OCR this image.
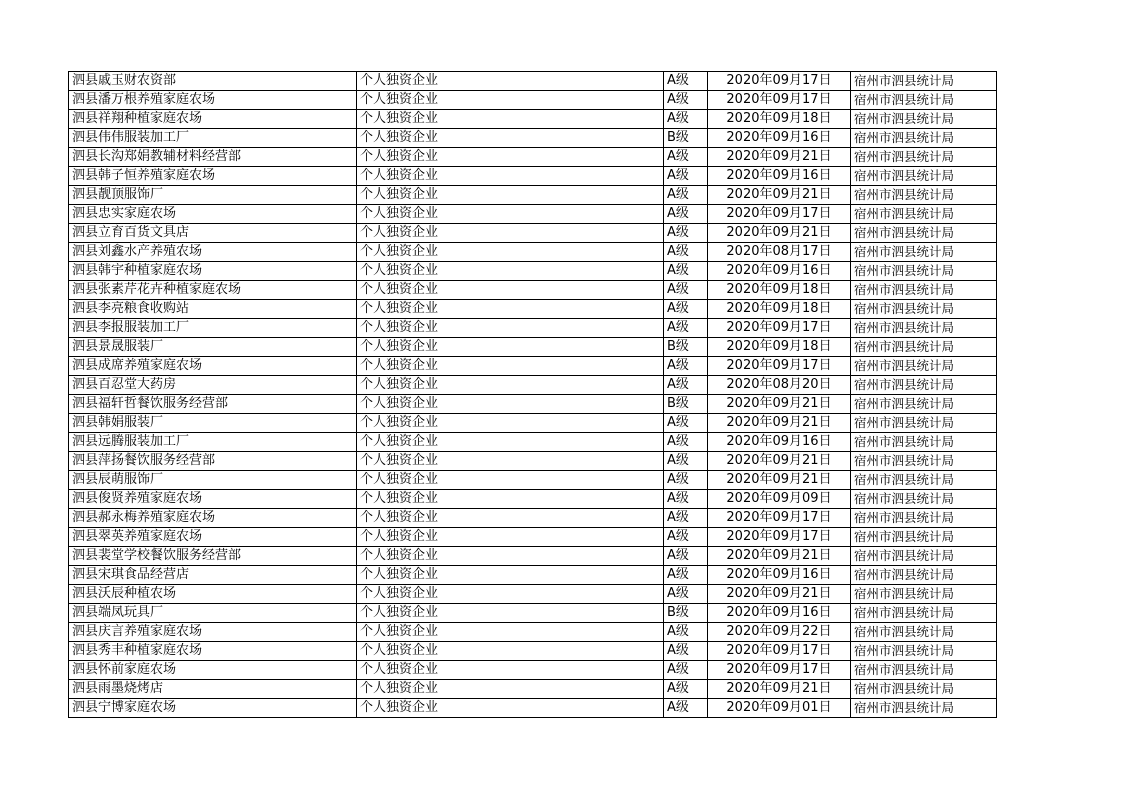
泗县戚玉财农资部	个人独资企业	A级	2020年09月17日	宿州市泗县统计局
泗县潘万根养殖家庭农场	个人独资企业	A级	2020年09月17日	宿州市泗县统计局
泗县祥翔种植家庭农场	个人独资企业	A级	2020年09月18日	宿州市泗县统计局
泗县伟伟服装加工厂	个人独资企业	B级	2020年09月16日	宿州市泗县统计局
泗县长沟郑娟教辅材料经营部	个人独资企业	A级	2020年09月21日	宿州市泗县统计局
泗县韩子恒养殖家庭农场	个人独资企业	A级	2020年09月16日	宿州市泗县统计局
泗县靓顶服饰厂	个人独资企业	A级	2020年09月21日	宿州市泗县统计局
泗县忠实家庭农场	个人独资企业	A级	2020年09月17日	宿州市泗县统计局
泗县立育百货文具店	个人独资企业	A级	2020年09月21日	宿州市泗县统计局
泗县刘鑫水产养殖农场	个人独资企业	A级	2020年08月17日	宿州市泗县统计局
泗县韩宇种植家庭农场	个人独资企业	A级	2020年09月16日	宿州市泗县统计局
泗县张素芹花卉种植家庭农场	个人独资企业	A级	2020年09月18日	宿州市泗县统计局
泗县李亮粮食收购站	个人独资企业	A级	2020年09月18日	宿州市泗县统计局
泗县李报服装加工厂	个人独资企业	A级	2020年09月17日	宿州市泗县统计局
泗县景晟服装厂	个人独资企业	B级	2020年09月18日	宿州市泗县统计局
泗县成席养殖家庭农场	个人独资企业	A级	2020年09月17日	宿州市泗县统计局
泗县百忍堂大药房	个人独资企业	A级	2020年08月20日	宿州市泗县统计局
泗县福轩哲餐饮服务经营部	个人独资企业	B级	2020年09月21日	宿州市泗县统计局
泗县韩娟服装厂	个人独资企业	A级	2020年09月21日	宿州市泗县统计局
泗县远腾服装加工厂	个人独资企业	A级	2020年09月16日	宿州市泗县统计局
泗县萍扬餐饮服务经营部	个人独资企业	A级	2020年09月21日	宿州市泗县统计局
泗县辰萌服饰厂	个人独资企业	A级	2020年09月21日	宿州市泗县统计局
泗县俊贤养殖家庭农场	个人独资企业	A级	2020年09月09日	宿州市泗县统计局
泗县郝永梅养殖家庭农场	个人独资企业	A级	2020年09月17日	宿州市泗县统计局
泗县翠英养殖家庭农场	个人独资企业	A级	2020年09月17日	宿州市泗县统计局
泗县裴堂学校餐饮服务经营部	个人独资企业	A级	2020年09月21日	宿州市泗县统计局
泗县宋琪食品经营店	个人独资企业	A级	2020年09月16日	宿州市泗县统计局
泗县沃辰种植农场	个人独资企业	A级	2020年09月21日	宿州市泗县统计局
泗县端凤玩具厂	个人独资企业	B级	2020年09月16日	宿州市泗县统计局
泗县庆言养殖家庭农场	个人独资企业	A级	2020年09月22日	宿州市泗县统计局
泗县秀丰种植家庭农场	个人独资企业	A级	2020年09月17日	宿州市泗县统计局
泗县怀前家庭农场	个人独资企业	A级	2020年09月17日	宿州市泗县统计局
泗县雨墨烧烤店	个人独资企业	A级	2020年09月21日	宿州市泗县统计局
泗县宁博家庭农场	个人独资企业	A级	2020年09月01日	宿州市泗县统计局
